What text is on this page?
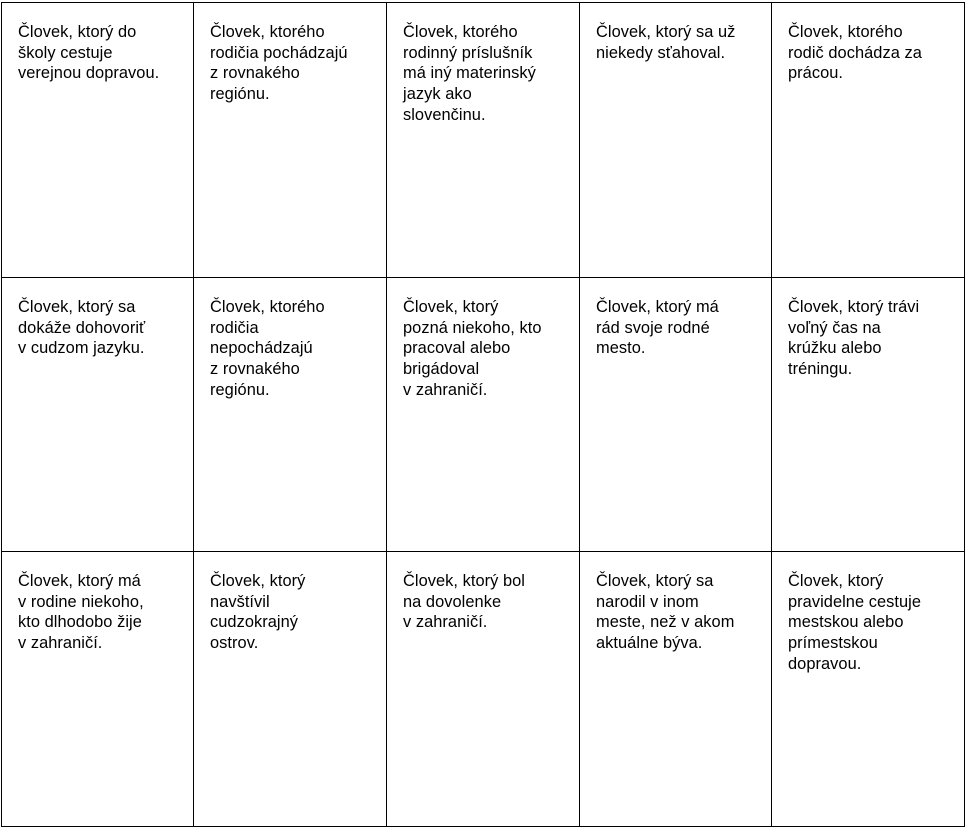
Človek, ktorý do
školy cestuje
verejnou dopravou.	Človek, ktorého
rodičia pochádzajú
z rovnakého
regiónu.	Človek, ktorého
rodinný príslušník
má iný materinský
jazyk ako
slovenčinu.	Človek, ktorý sa už
niekedy sťahoval.	Človek, ktorého
rodič dochádza za
prácou.

Človek, ktorý sa
dokáže dohovoriť
v cudzom jazyku.	Človek, ktorého
rodičia
nepochádzajú
z rovnakého
regiónu.	Človek, ktorý
pozná niekoho, kto
pracoval alebo
brigádoval
v zahraničí.	Človek, ktorý má
rád svoje rodné
mesto.	Človek, ktorý trávi
voľný čas na
krúžku alebo
tréningu.

Človek, ktorý má
v rodine niekoho,
kto dlhodobo žije
v zahraničí.	Človek, ktorý
navštívil
cudzokrajný
ostrov.	Človek, ktorý bol
na dovolenke
v zahraničí.	Človek, ktorý sa
narodil v inom
meste, než v akom
aktuálne býva.	Človek, ktorý
pravidelne cestuje
mestskou alebo
prímestskou
dopravou.
